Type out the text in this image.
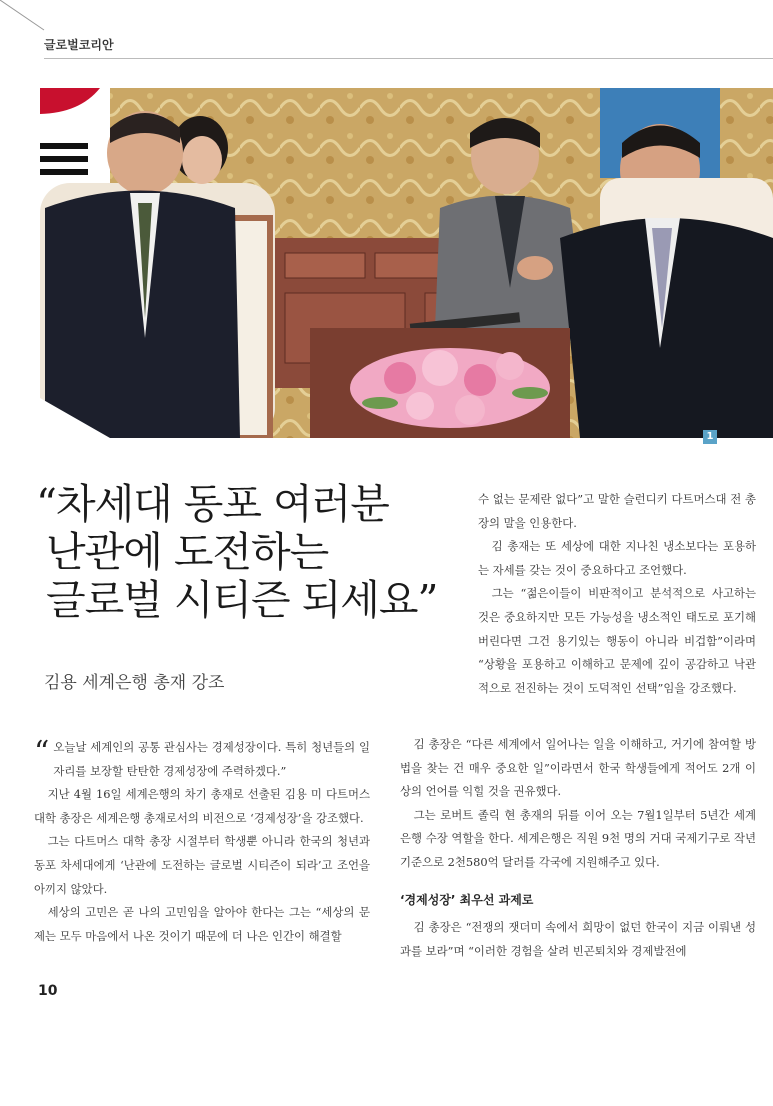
글로벌코리안
1
“차세대 동포 여러분
난관에 도전하는
글로벌 시티즌 되세요”
김용 세계은행 총재 강조

수 없는 문제란 없다”고 말한 슬런디키 다트머스대 전 총장의 말을 인용한다.

김 총재는 또 세상에 대한 지나친 냉소보다는 포용하는 자세를 갖는 것이 중요하다고 조언했다.

그는 “젊은이들이 비판적이고 분석적으로 사고하는 것은 중요하지만 모든 가능성을 냉소적인 태도로 포기해버린다면 그건 용기있는 행동이 아니라 비겁함”이라며 “상황을 포용하고 이해하고 문제에 깊이 공감하고 낙관적으로 전진하는 것이 도덕적인 선택”임을 강조했다.

“ 오늘날 세계인의 공통 관심사는 경제성장이다. 특히 청년들의 일자리를 보장할 탄탄한 경제성장에 주력하겠다.”

지난 4월 16일 세계은행의 차기 총재로 선출된 김용 미 다트머스대학 총장은 세계은행 총재로서의 비전으로 ‘경제성장’을 강조했다.

그는 다트머스 대학 총장 시절부터 학생뿐 아니라 한국의 청년과 동포 차세대에게 ‘난관에 도전하는 글로벌 시티즌이 되라’고 조언을 아끼지 않았다.

세상의 고민은 곧 나의 고민임을 알아야 한다는 그는 “세상의 문제는 모두 마음에서 나온 것이기 때문에 더 나은 인간이 해결할

김 총장은 “다른 세계에서 일어나는 일을 이해하고, 거기에 참여할 방법을 찾는 건 매우 중요한 일”이라면서 한국 학생들에게 적어도 2개 이상의 언어를 익힐 것을 권유했다.

그는 로버트 졸릭 현 총재의 뒤를 이어 오는 7월1일부터 5년간 세계은행 수장 역할을 한다. 세계은행은 직원 9천 명의 거대 국제기구로 작년 기준으로 2천580억 달러를 각국에 지원해주고 있다.

‘경제성장’ 최우선 과제로

김 총장은 “전쟁의 잿더미 속에서 희망이 없던 한국이 지금 이뤄낸 성과를 보라”며 “이러한 경험을 살려 빈곤퇴치와 경제발전에

10
